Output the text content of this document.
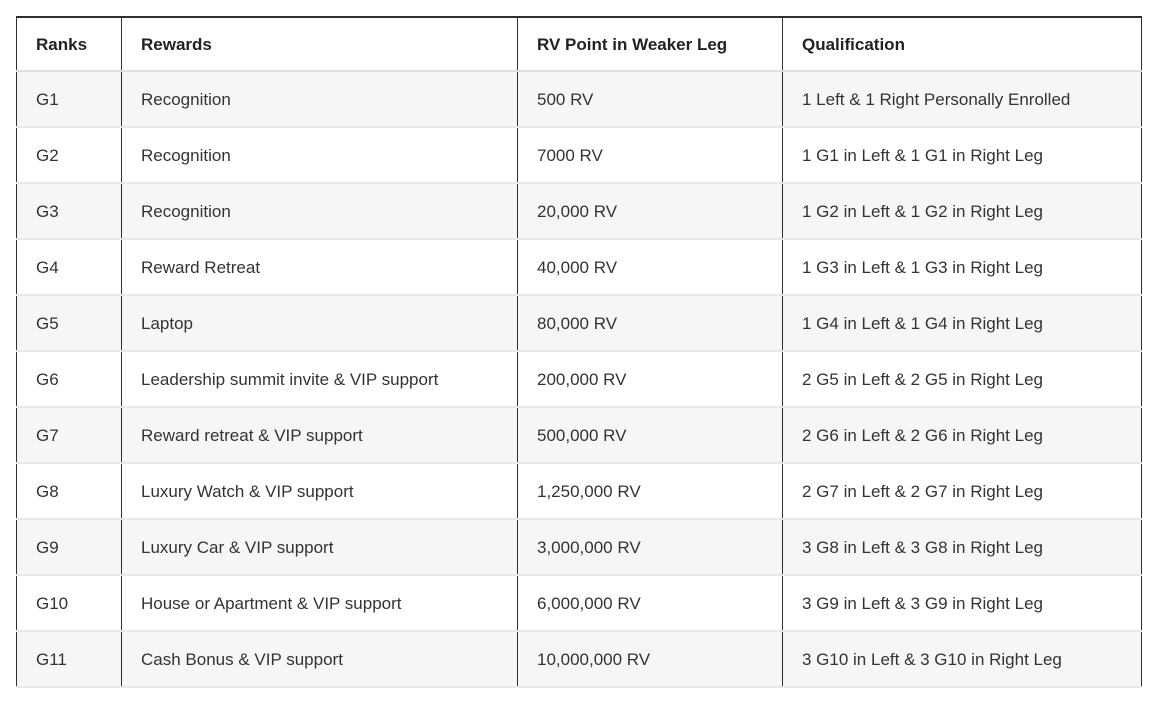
Ranks	Rewards	RV Point in Weaker Leg	Qualification
G1	Recognition	500 RV	1 Left & 1 Right Personally Enrolled
G2	Recognition	7000 RV	1 G1 in Left & 1 G1 in Right Leg
G3	Recognition	20,000 RV	1 G2 in Left & 1 G2 in Right Leg
G4	Reward Retreat	40,000 RV	1 G3 in Left & 1 G3 in Right Leg
G5	Laptop	80,000 RV	1 G4 in Left & 1 G4 in Right Leg
G6	Leadership summit invite & VIP support	200,000 RV	2 G5 in Left & 2 G5 in Right Leg
G7	Reward retreat & VIP support	500,000 RV	2 G6 in Left & 2 G6 in Right Leg
G8	Luxury Watch & VIP support	1,250,000 RV	2 G7 in Left & 2 G7 in Right Leg
G9	Luxury Car & VIP support	3,000,000 RV	3 G8 in Left & 3 G8 in Right Leg
G10	House or Apartment & VIP support	6,000,000 RV	3 G9 in Left & 3 G9 in Right Leg
G11	Cash Bonus & VIP support	10,000,000 RV	3 G10 in Left & 3 G10 in Right Leg
